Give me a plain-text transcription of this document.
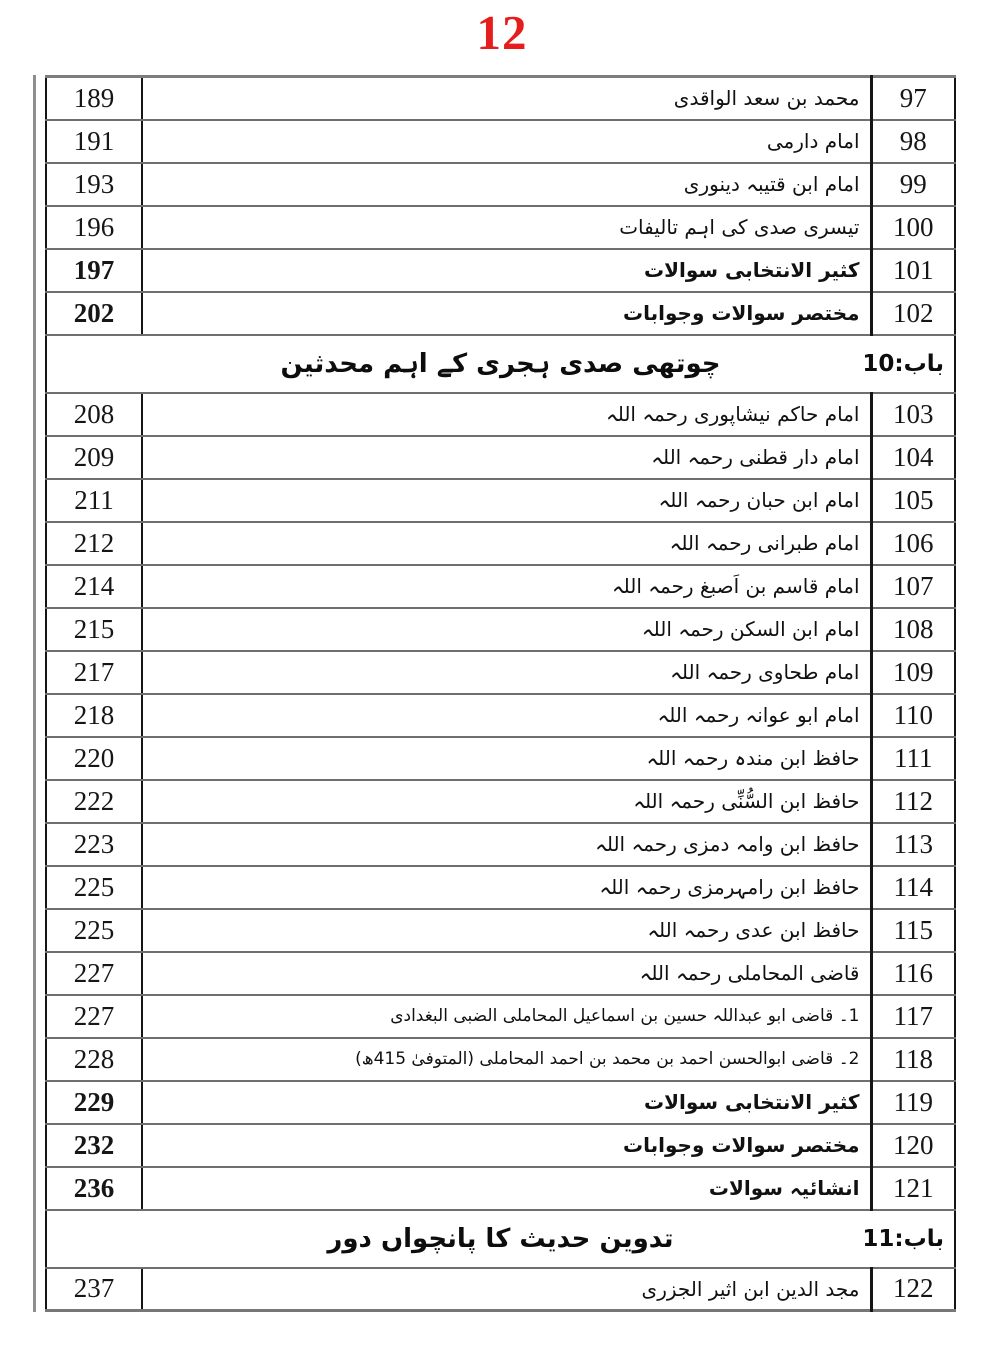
12
97	محمد بن سعد الواقدی	189
98	امام دارمی	191
99	امام ابن قتیبہ دینوری	193
100	تیسری صدی کی اہم تالیفات	196
101	کثیر الانتخابی سوالات	197
102	مختصر سوالات وجوابات	202
چوتھی صدی ہجری کے اہم محدثین باب:10		

103	امام حاکم نیشاپوری رحمہ اللہ	208
104	امام دار قطنی رحمہ اللہ	209
105	امام ابن حبان رحمہ اللہ	211
106	امام طبرانی رحمہ اللہ	212
107	امام قاسم بن اَصبغ رحمہ اللہ	214
108	امام ابن السکن رحمہ اللہ	215
109	امام طحاوی رحمہ اللہ	217
110	امام ابو عوانہ رحمہ اللہ	218
111	حافظ ابن مندہ رحمہ اللہ	220
112	حافظ ابن السُّنِّی رحمہ اللہ	222
113	حافظ ابن وامہ دمزی رحمہ اللہ	223
114	حافظ ابن رامہرمزی رحمہ اللہ	225
115	حافظ ابن عدی رحمہ اللہ	225
116	قاضی المحاملی رحمہ اللہ	227
117	1۔ قاضی ابو عبداللہ حسین بن اسماعیل المحاملی الضبی البغدادی	227
118	2۔ قاضی ابوالحسن احمد بن محمد بن احمد المحاملی (المتوفیٰ 415ھ)	228
119	کثیر الانتخابی سوالات	229
120	مختصر سوالات وجوابات	232
121	انشائیہ سوالات	236
تدوین حدیث کا پانچواں دور باب:11		

122	مجد الدین ابن اثیر الجزری	237
